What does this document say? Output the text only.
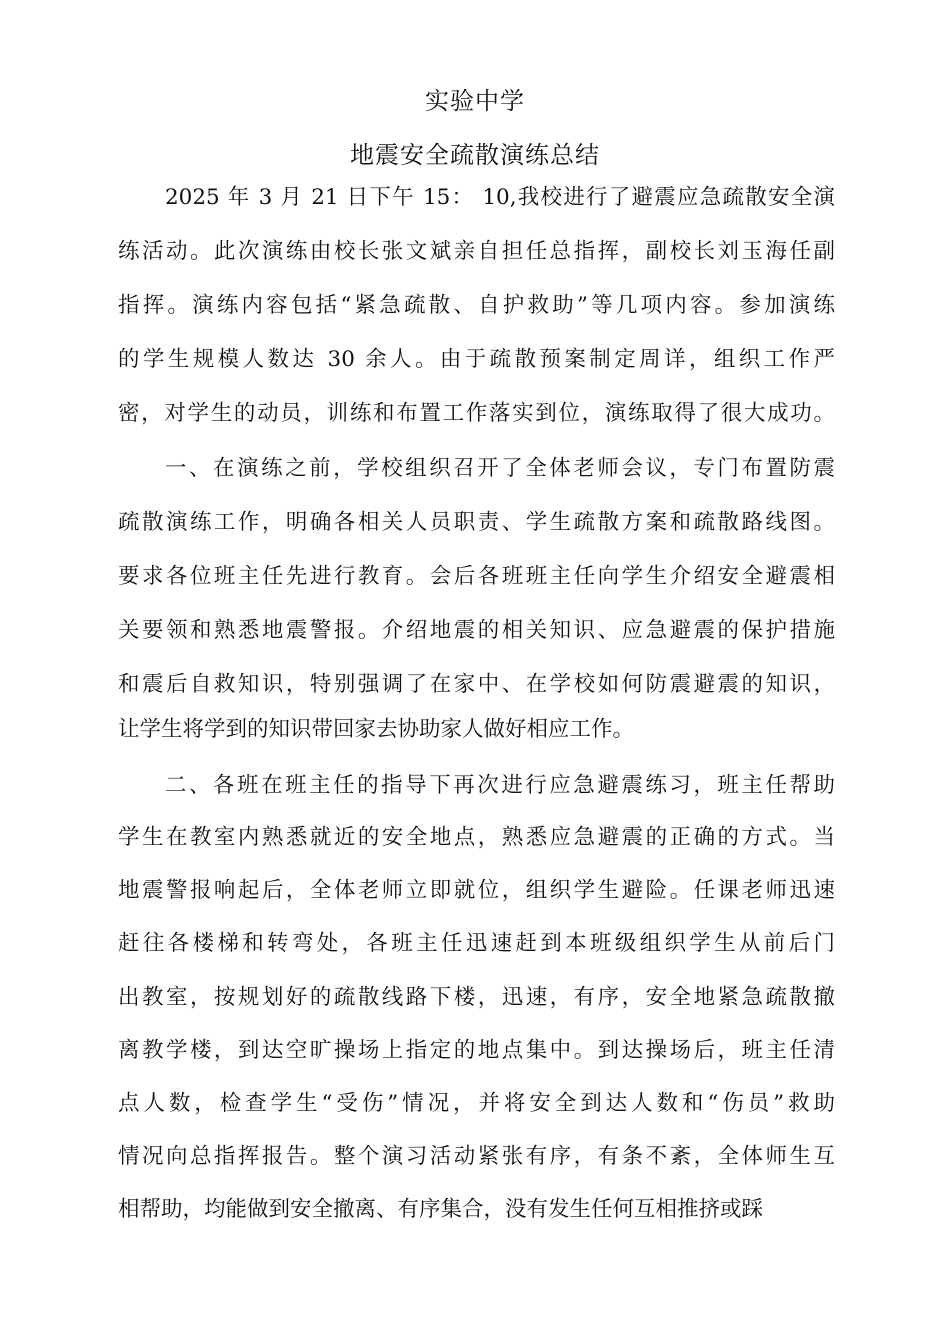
实验中学
地震安全疏散演练总结
2025 年 3 月 21 日下午 15： 10,我校进行了避震应急疏散安全演
练活动。此次演练由校长张文斌亲自担任总指挥，副校长刘玉海任副
指挥。演练内容包括“紧急疏散、自护救助”等几项内容。参加演练
的学生规模人数达 30 余人。由于疏散预案制定周详，组织工作严
密，对学生的动员，训练和布置工作落实到位，演练取得了很大成功。
一、在演练之前，学校组织召开了全体老师会议，专门布置防震
疏散演练工作，明确各相关人员职责、学生疏散方案和疏散路线图。
要求各位班主任先进行教育。会后各班班主任向学生介绍安全避震相
关要领和熟悉地震警报。介绍地震的相关知识、应急避震的保护措施
和震后自救知识，特别强调了在家中、在学校如何防震避震的知识，
让学生将学到的知识带回家去协助家人做好相应工作。
二、各班在班主任的指导下再次进行应急避震练习，班主任帮助
学生在教室内熟悉就近的安全地点，熟悉应急避震的正确的方式。当
地震警报响起后，全体老师立即就位，组织学生避险。任课老师迅速
赶往各楼梯和转弯处，各班主任迅速赶到本班级组织学生从前后门
出教室，按规划好的疏散线路下楼，迅速，有序，安全地紧急疏散撤
离教学楼，到达空旷操场上指定的地点集中。到达操场后，班主任清
点人数，检查学生“受伤”情况，并将安全到达人数和“伤员”救助
情况向总指挥报告。整个演习活动紧张有序，有条不紊，全体师生互
相帮助，均能做到安全撤离、有序集合，没有发生任何互相推挤或踩
